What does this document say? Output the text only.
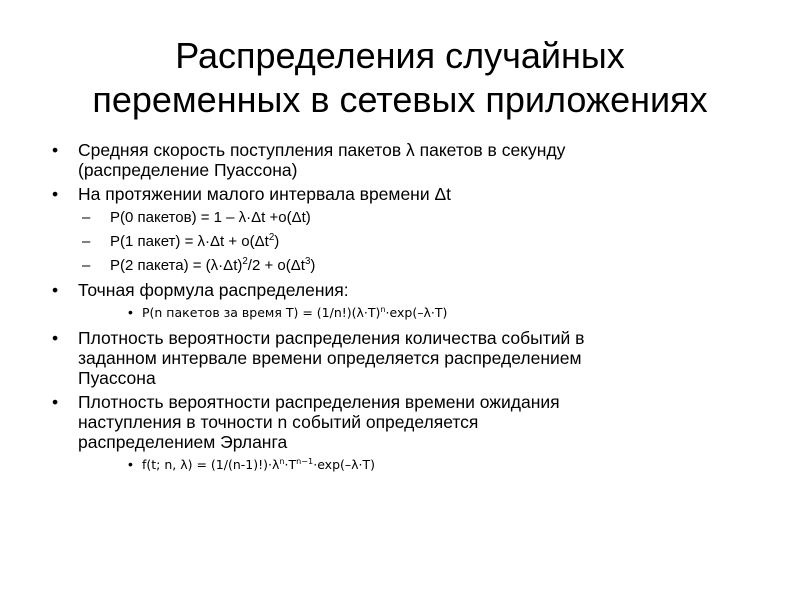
Распределения случайных
переменных в сетевых приложениях
• Средняя скорость поступления пакетов λ пакетов в секунду
(распределение Пуассона)
• На протяжении малого интервала времени Δt
– P(0 пакетов) = 1 – λ·Δt +o(Δt)
– P(1 пакет) = $\lambda\cdot\Delta t + o(\Delta t^2)$
– P(2 пакета) = $(\lambda\cdot\Delta t)^2/2 + o(\Delta t^3)$
• Точная формула распределения:
• P(n пакетов за время $T) = (1/n!)(\lambda\cdot T)^n\cdot\exp(-\lambda\cdot T)$
• Плотность вероятности распределения количества событий в
заданном интервале времени определяется распределением
Пуассона
• Плотность вероятности распределения времени ожидания
наступления в точности n событий определяется
распределением Эрланга
• f(t; n, $\lambda) = (1/(n-1)!)\cdot\lambda^n\cdot T^{n-1}\cdot\exp(-\lambda\cdot T)$
